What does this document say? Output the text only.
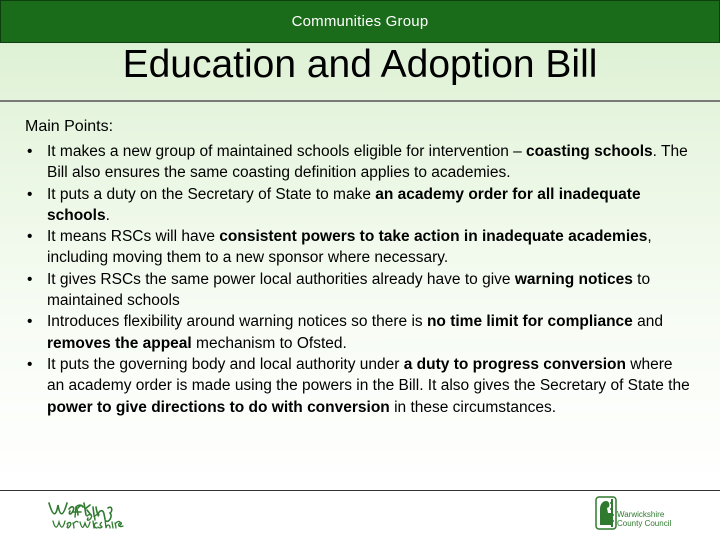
Communities Group
Education and Adoption Bill
Main Points:
• It makes a new group of maintained schools eligible for intervention – coasting schools. The Bill also ensures the same coasting definition applies to academies.
• It puts a duty on the Secretary of State to make an academy order for all inadequate schools.
• It means RSCs will have consistent powers to take action in inadequate academies, including moving them to a new sponsor where necessary.
• It gives RSCs the same power local authorities already have to give warning notices to maintained schools
• Introduces flexibility around warning notices so there is no time limit for compliance and removes the appeal mechanism to Ofsted.
• It puts the governing body and local authority under a duty to progress conversion where an academy order is made using the powers in the Bill. It also gives the Secretary of State the power to give directions to do with conversion in these circumstances.
Working for Warwickshire
Warwickshire
County Council
